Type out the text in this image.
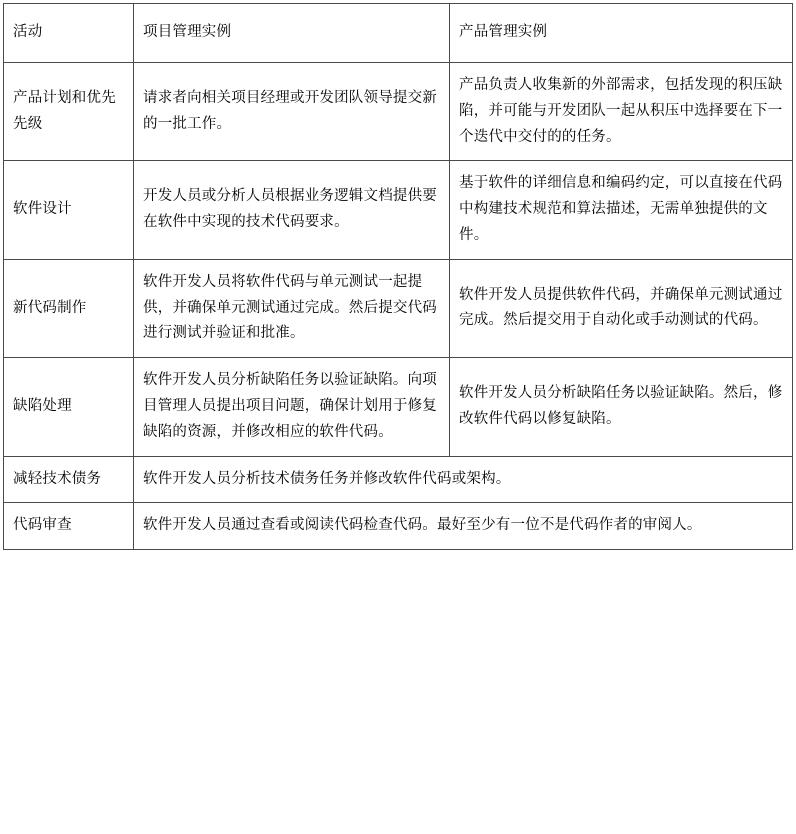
活动	项目管理实例	产品管理实例
产品计划和优先先级	请求者向相关项目经理或开发团队领导提交新的一批工作。	产品负责人收集新的外部需求，包括发现的积压缺陷，并可能与开发团队一起从积压中选择要在下一个迭代中交付的的任务。
软件设计	开发人员或分析人员根据业务逻辑文档提供要在软件中实现的技术代码要求。	基于软件的详细信息和编码约定，可以直接在代码中构建技术规范和算法描述，无需单独提供的文件。
新代码制作	软件开发人员将软件代码与单元测试一起提供，并确保单元测试通过完成。然后提交代码进行测试并验证和批准。	软件开发人员提供软件代码，并确保单元测试通过完成。然后提交用于自动化或手动测试的代码。
缺陷处理	软件开发人员分析缺陷任务以验证缺陷。向项目管理人员提出项目问题，确保计划用于修复缺陷的资源，并修改相应的软件代码。	软件开发人员分析缺陷任务以验证缺陷。然后，修改软件代码以修复缺陷。
减轻技术债务	软件开发人员分析技术债务任务并修改软件代码或架构。	
代码审查	软件开发人员通过查看或阅读代码检查代码。最好至少有一位不是代码作者的审阅人。	
